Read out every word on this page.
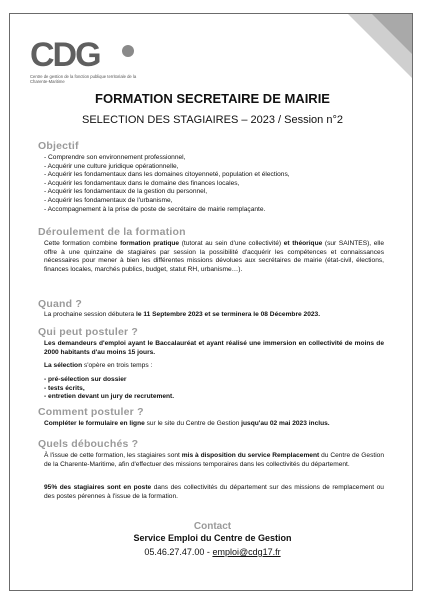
CDG
Centre de gestion de la fonction publique territoriale de la Charente-Maritime
FORMATION SECRETAIRE DE MAIRIE
SELECTION DES STAGIAIRES – 2023 / Session n°2
Objectif
- Comprendre son environnement professionnel,
- Acquérir une culture juridique opérationnelle,
- Acquérir les fondamentaux dans les domaines citoyenneté, population et élections,
- Acquérir les fondamentaux dans le domaine des finances locales,
- Acquérir les fondamentaux de la gestion du personnel,
- Acquérir les fondamentaux de l'urbanisme,
- Accompagnement à la prise de poste de secrétaire de mairie remplaçante.
Déroulement de la formation
Cette formation combine formation pratique (tutorat au sein d'une collectivité) et théorique (sur SAINTES), elle offre à une quinzaine de stagiaires par session la possibilité d'acquérir les compétences et connaissances nécessaires pour mener à bien les différentes missions dévolues aux secrétaires de mairie (état-civil, élections, finances locales, marchés publics, budget, statut RH, urbanisme…).
Quand ?
La prochaine session débutera le 11 Septembre 2023 et se terminera le 08 Décembre 2023.
Qui peut postuler ?
Les demandeurs d'emploi ayant le Baccalauréat et ayant réalisé une immersion en collectivité de moins de 2000 habitants d'au moins 15 jours.
La sélection s'opère en trois temps :
- pré-sélection sur dossier
- tests écrits,
- entretien devant un jury de recrutement.
Comment postuler ?
Compléter le formulaire en ligne sur le site du Centre de Gestion jusqu'au 02 mai 2023 inclus.
Quels débouchés ?
À l'issue de cette formation, les stagiaires sont mis à disposition du service Remplacement du Centre de Gestion de la Charente-Maritime, afin d'effectuer des missions temporaires dans les collectivités du département.
95% des stagiaires sont en poste dans des collectivités du département sur des missions de remplacement ou des postes pérennes à l'issue de la formation.
Contact
Service Emploi du Centre de Gestion
05.46.27.47.00 - emploi@cdg17.fr
